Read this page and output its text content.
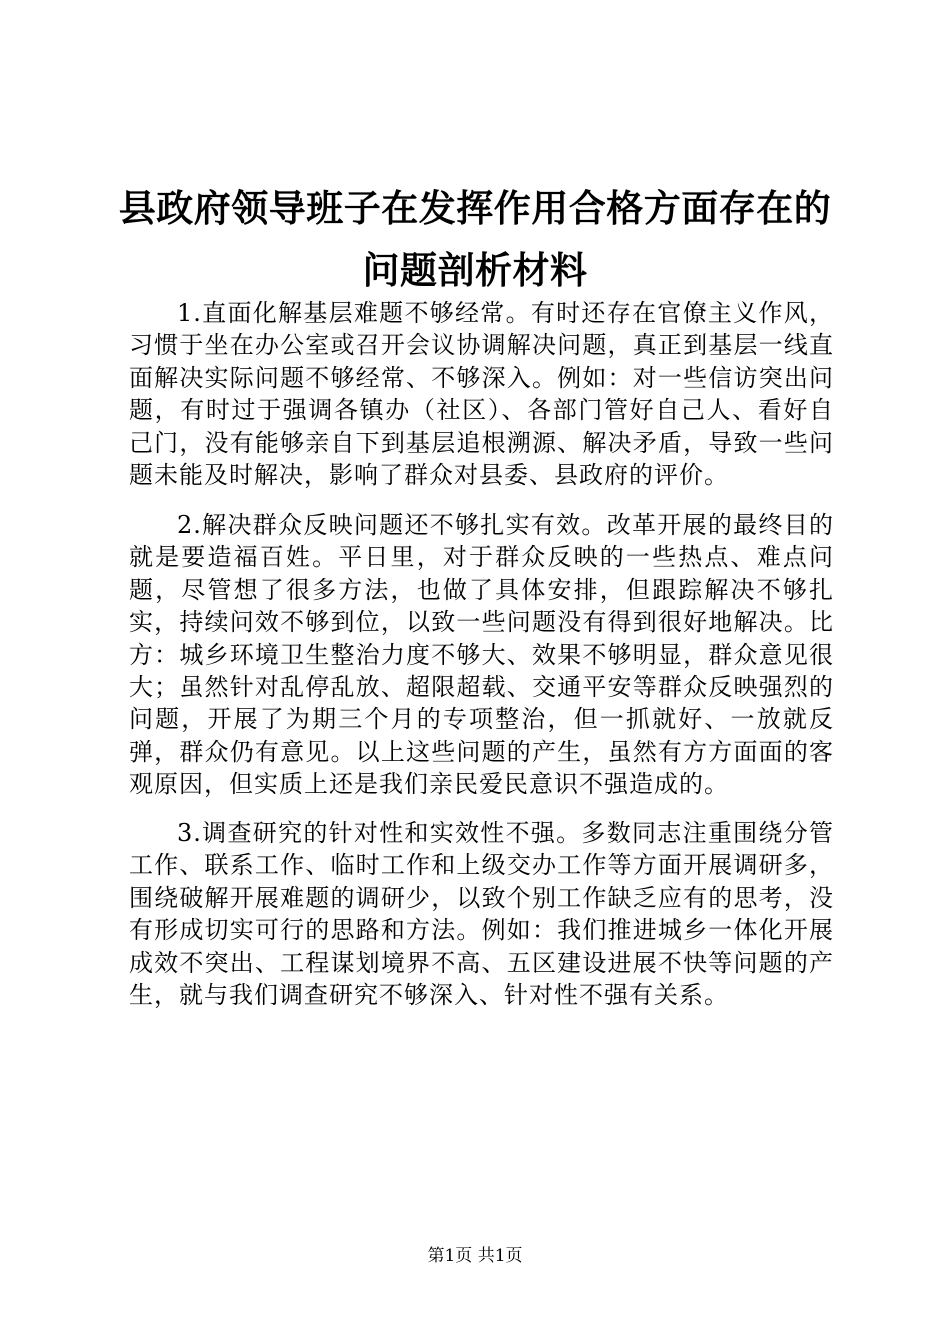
县政府领导班子在发挥作用合格方面存在的问题剖析材料
1.直面化解基层难题不够经常。有时还存在官僚主义作风，习惯于坐在办公室或召开会议协调解决问题，真正到基层一线直面解决实际问题不够经常、不够深入。例如：对一些信访突出问题，有时过于强调各镇办（社区）、各部门管好自己人、看好自己门，没有能够亲自下到基层追根溯源、解决矛盾，导致一些问题未能及时解决，影响了群众对县委、县政府的评价。
2.解决群众反映问题还不够扎实有效。改革开展的最终目的就是要造福百姓。平日里，对于群众反映的一些热点、难点问题，尽管想了很多方法，也做了具体安排，但跟踪解决不够扎实，持续问效不够到位，以致一些问题没有得到很好地解决。比方：城乡环境卫生整治力度不够大、效果不够明显，群众意见很大；虽然针对乱停乱放、超限超载、交通平安等群众反映强烈的问题，开展了为期三个月的专项整治，但一抓就好、一放就反弹，群众仍有意见。以上这些问题的产生，虽然有方方面面的客观原因，但实质上还是我们亲民爱民意识不强造成的。
3.调查研究的针对性和实效性不强。多数同志注重围绕分管工作、联系工作、临时工作和上级交办工作等方面开展调研多，围绕破解开展难题的调研少，以致个别工作缺乏应有的思考，没有形成切实可行的思路和方法。例如：我们推进城乡一体化开展成效不突出、工程谋划境界不高、五区建设进展不快等问题的产生，就与我们调查研究不够深入、针对性不强有关系。
第1页 共1页
